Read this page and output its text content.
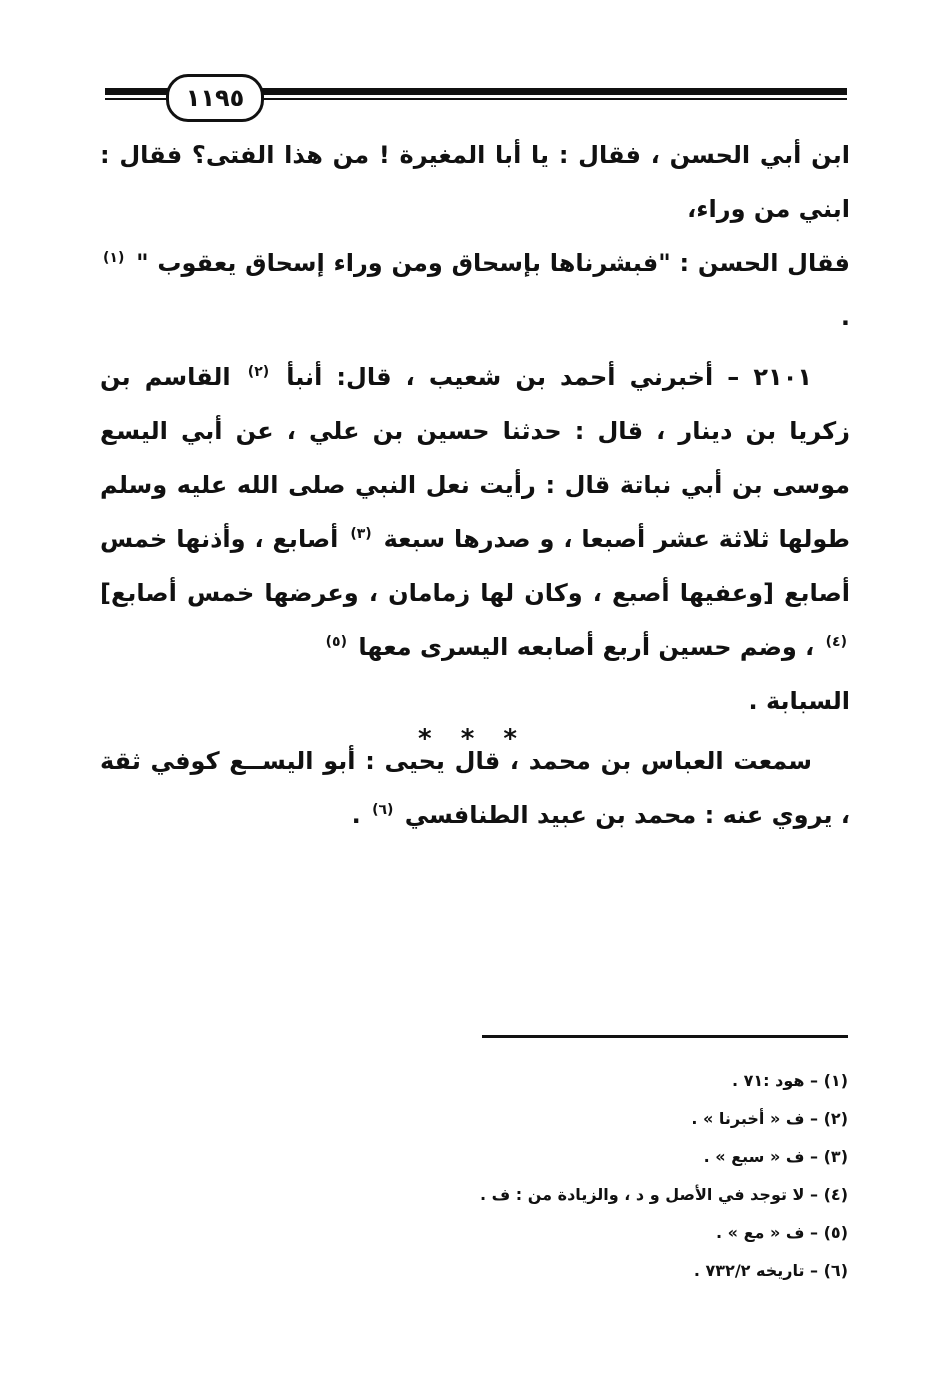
١١٩٥

ابن أبي الحسن ، فقال : يا أبا المغيرة ! من هذا الفتى؟ فقال : ابني من وراء،
فقال الحسن : "فبشرناها بإسحاق ومن وراء إسحاق يعقوب " $^{(١)}$ .

٢١٠١ – أخبرني أحمد بن شعيب ، قال: أنبأ $^{(٢)}$ القاسم بن زكريا بن دينار ، قال : حدثنا حسين بن علي ، عن أبي اليسع موسى بن أبي نباتة قال : رأيت نعل النبي صلى الله عليه وسلم طولها ثلاثة عشر أصبعا ، و صدرها سبعة $^{(٣)}$ أصابع ، وأذنها خمس أصابع [وعفيها أصبع ، وكان لها زمامان ، وعرضها خمس أصابع] $^{(٤)}$ ، وضم حسين أربع أصابعه اليسرى معها $^{(٥)}$
السبابة .

سمعت العباس بن محمد ، قال يحيى : أبو اليســع كوفي ثقة ، يروي عنه : محمد بن عبيد الطنافسي $^{(٦)}$ .

* * *
(١) – هود :٧١ .
(٢) – ف « أخبرنا » .
(٣) – ف « سبع » .
(٤) – لا توجد في الأصل و د ، والزيادة من : ف .
(٥) – ف « مع » .
(٦) – تاريخه ٧٣٢/٢ .
